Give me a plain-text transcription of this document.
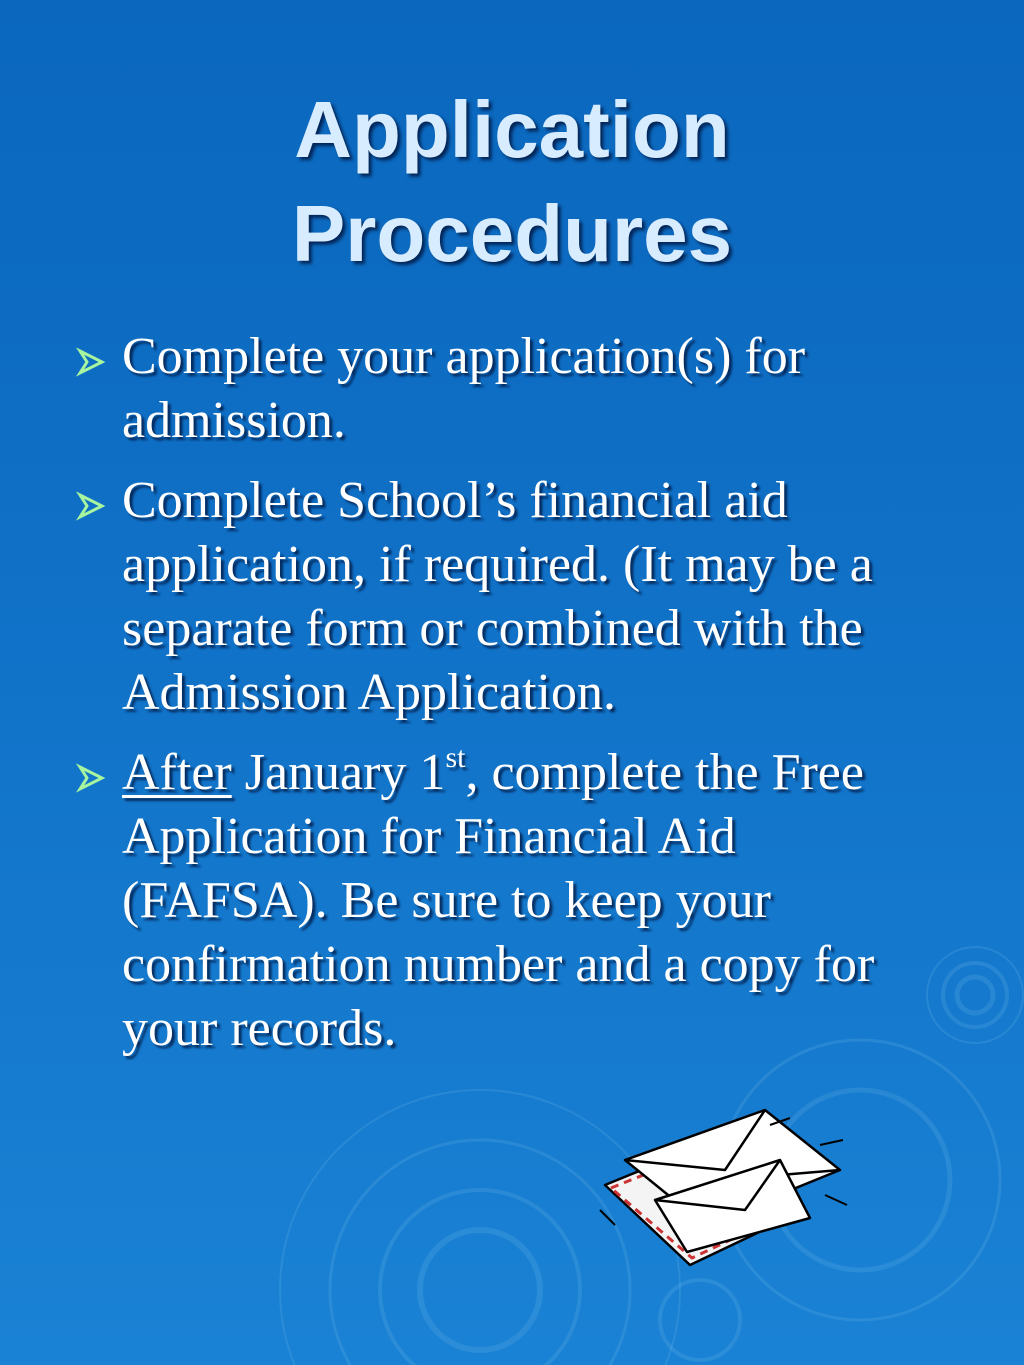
Application
Procedures
Complete your application(s) for admission.
Complete School’s financial aid application, if required. (It may be a separate form or combined with the Admission Application.
After January 1st, complete the Free Application for Financial Aid (FAFSA). Be sure to keep your confirmation number and a copy for your records.
